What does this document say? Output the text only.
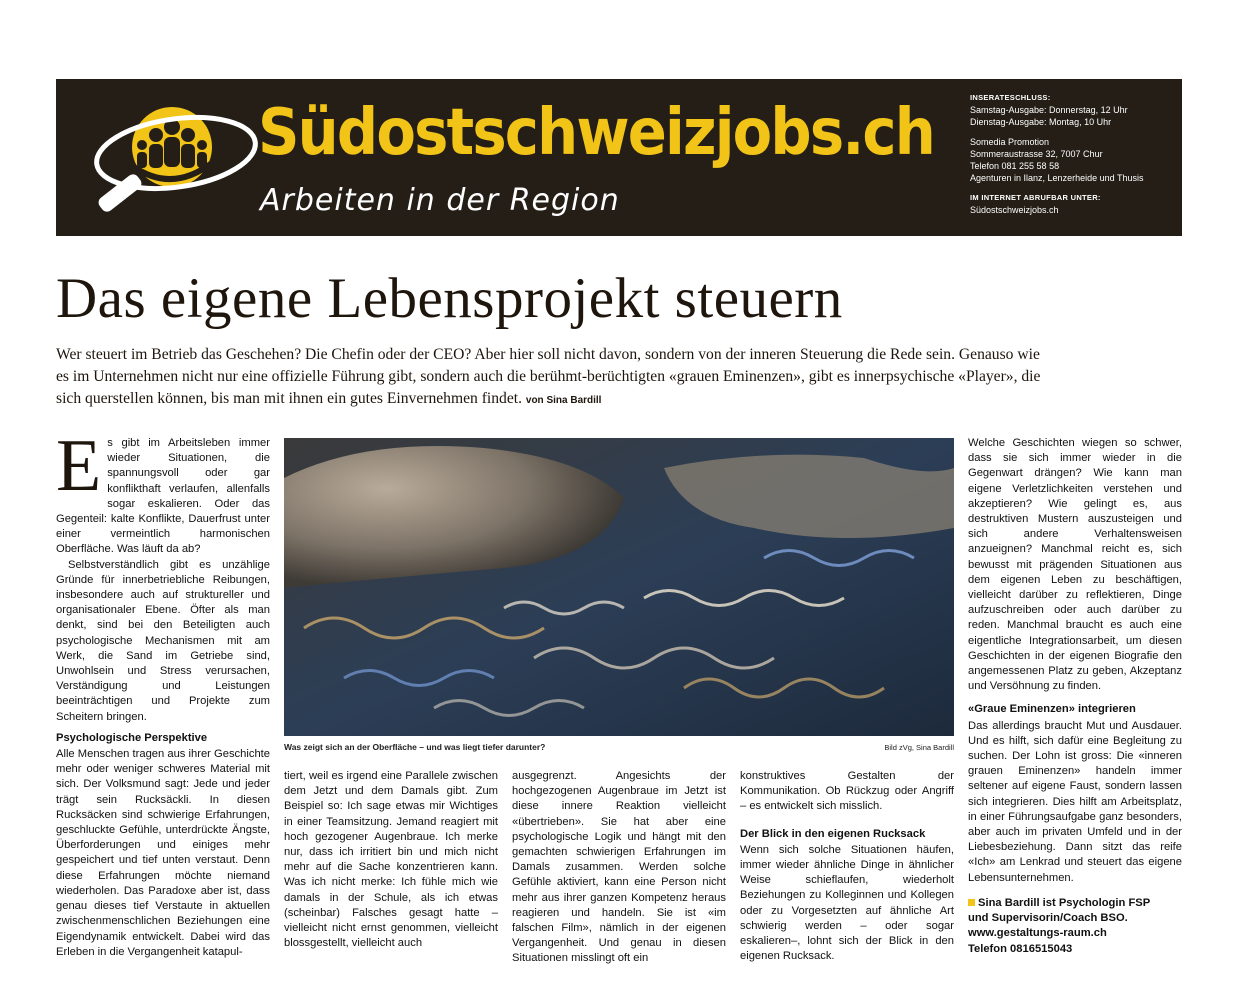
Südostschweizjobs.ch
Arbeiten in der Region
INSERATESCHLUSS:
Samstag-Ausgabe: Donnerstag, 12 Uhr
Dienstag-Ausgabe: Montag, 10 Uhr
Somedia Promotion
Sommeraustrasse 32, 7007 Chur
Telefon 081 255 58 58
Agenturen in Ilanz, Lenzerheide und Thusis
IM INTERNET ABRUFBAR UNTER:
Südostschweizjobs.ch
Das eigene Lebensprojekt steuern
Wer steuert im Betrieb das Geschehen? Die Chefin oder der CEO? Aber hier soll nicht davon, sondern von der inneren Steuerung die Rede sein. Genauso wie es im Unternehmen nicht nur eine offizielle Führung gibt, sondern auch die berühmt-berüchtigten «grauen Eminenzen», gibt es innerpsychische «Player», die sich querstellen können, bis man mit ihnen ein gutes Einvernehmen findet. von Sina Bardill

Es gibt im Arbeitsleben immer wieder Situationen, die spannungsvoll oder gar konflikthaft verlaufen, allenfalls sogar eskalieren. Oder das Gegenteil: kalte Konflikte, Dauerfrust unter einer vermeintlich harmonischen Oberfläche. Was läuft da ab?

Selbstverständlich gibt es unzählige Gründe für innerbetriebliche Reibungen, insbesondere auch auf struktureller und organisationaler Ebene. Öfter als man denkt, sind bei den Beteiligten auch psychologische Mechanismen mit am Werk, die Sand im Getriebe sind, Unwohlsein und Stress verursachen, Verständigung und Leistungen beeinträchtigen und Projekte zum Scheitern bringen.

Psychologische Perspektive

Alle Menschen tragen aus ihrer Geschichte mehr oder weniger schweres Material mit sich. Der Volksmund sagt: Jede und jeder trägt sein Rucksäckli. In diesen Rucksäcken sind schwierige Erfahrungen, geschluckte Gefühle, unterdrückte Ängste, Überforderungen und einiges mehr gespeichert und tief unten verstaut. Denn diese Erfahrungen möchte niemand wiederholen. Das Paradoxe aber ist, dass genau dieses tief Verstaute in aktuellen zwischenmenschlichen Beziehungen eine Eigendynamik entwickelt. Dabei wird das Erleben in die Vergangenheit katapul-

Was zeigt sich an der Oberfläche – und was liegt tiefer darunter?	Bild zVg, Sina Bardill

tiert, weil es irgend eine Parallele zwischen dem Jetzt und dem Damals gibt. Zum Beispiel so: Ich sage etwas mir Wichtiges in einer Teamsitzung. Jemand reagiert mit hoch gezogener Augenbraue. Ich merke nur, dass ich irritiert bin und mich nicht mehr auf die Sache konzentrieren kann. Was ich nicht merke: Ich fühle mich wie damals in der Schule, als ich etwas (scheinbar) Falsches gesagt hatte – vielleicht nicht ernst genommen, vielleicht blossgestellt, vielleicht auch

ausgegrenzt. Angesichts der hochgezogenen Augenbraue im Jetzt ist diese innere Reaktion vielleicht «übertrieben». Sie hat aber eine psychologische Logik und hängt mit den gemachten schwierigen Erfahrungen im Damals zusammen. Werden solche Gefühle aktiviert, kann eine Person nicht mehr aus ihrer ganzen Kompetenz heraus reagieren und handeln. Sie ist «im falschen Film», nämlich in der eigenen Vergangenheit. Und genau in diesen Situationen misslingt oft ein

konstruktives Gestalten der Kommunikation. Ob Rückzug oder Angriff – es entwickelt sich misslich.

Der Blick in den eigenen Rucksack

Wenn sich solche Situationen häufen, immer wieder ähnliche Dinge in ähnlicher Weise schieflaufen, wiederholt Beziehungen zu Kolleginnen und Kollegen oder zu Vorgesetzten auf ähnliche Art schwierig werden – oder sogar eskalieren–, lohnt sich der Blick in den eigenen Rucksack.

Welche Geschichten wiegen so schwer, dass sie sich immer wieder in die Gegenwart drängen? Wie kann man eigene Verletzlichkeiten verstehen und akzeptieren? Wie gelingt es, aus destruktiven Mustern auszusteigen und sich andere Verhaltensweisen anzueignen? Manchmal reicht es, sich bewusst mit prägenden Situationen aus dem eigenen Leben zu beschäftigen, vielleicht darüber zu reflektieren, Dinge aufzuschreiben oder auch darüber zu reden. Manchmal braucht es auch eine eigentliche Integrationsarbeit, um diesen Geschichten in der eigenen Biografie den angemessenen Platz zu geben, Akzeptanz und Versöhnung zu finden.

«Graue Eminenzen» integrieren

Das allerdings braucht Mut und Ausdauer. Und es hilft, sich dafür eine Begleitung zu suchen. Der Lohn ist gross: Die «inneren grauen Eminenzen» handeln immer seltener auf eigene Faust, sondern lassen sich integrieren. Dies hilft am Arbeitsplatz, in einer Führungsaufgabe ganz besonders, aber auch im privaten Umfeld und in der Liebesbeziehung. Dann sitzt das reife «Ich» am Lenkrad und steuert das eigene Lebensunternehmen.

Sina Bardill ist Psychologin FSP
und Supervisorin/Coach BSO.
www.gestaltungs-raum.ch
Telefon 0816515043
